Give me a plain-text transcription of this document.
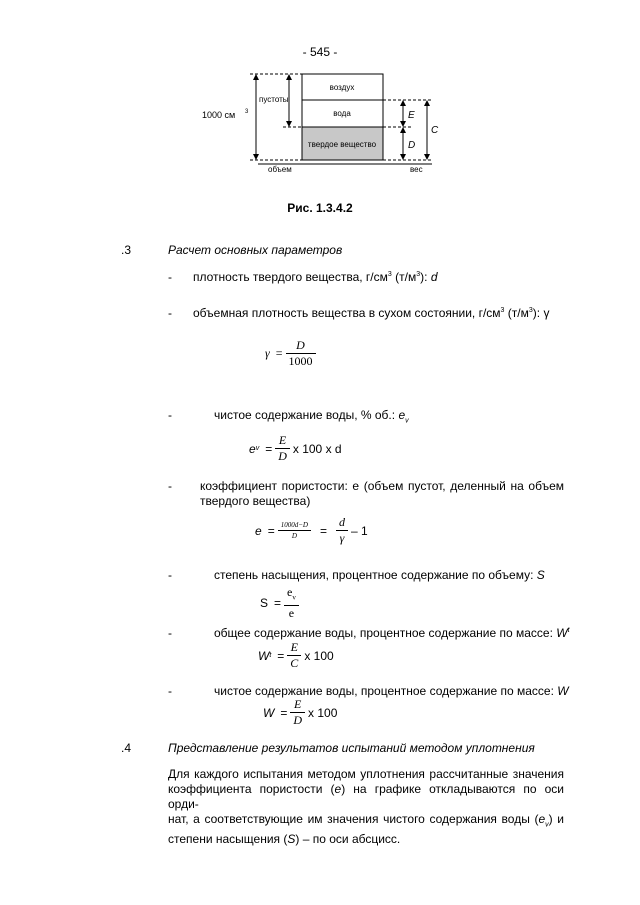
- 545 -
воздух
вода
твердое вещество
1000 см 3
пустоты
объем	вес
E
D
C
Рис. 1.3.4.2
.3	Расчет основных параметров
- плотность твердого вещества, $г/см^3$ $(т/м^3)$: d
- объемная плотность вещества в сухом состоянии, $г/см^3$ $(т/м^3)$: γ
$\gamma = \frac{D}{1000}$
-	чистое содержание воды, % об.: $e_v$
e $v = \frac{E}{D}$ x 100 x d
- коэффициент пористости: е (объем пустот, деленный на объем твердого вещества)
$e = \frac{1000d-D}{D} = \frac{d}{\gamma} - 1$
-	степень насыщения, процентное содержание по объему: S
$S = \frac{e_v}{e}$
-	общее содержание воды, процентное содержание по массе: $W^t$
W $t = \frac{E}{C}$ x 100
-	чистое содержание воды, процентное содержание по массе: W
$W = \frac{E}{D}$ x 100
.4	Представление результатов испытаний методом уплотнения
Для каждого испытания методом уплотнения рассчитанные значения
коэффициента пористости (е) на графике откладываются по оси орди-
нат, а соответствующие им значения чистого содержания воды $(e_v)$ и
степени насыщения (S) – по оси абсцисс.
